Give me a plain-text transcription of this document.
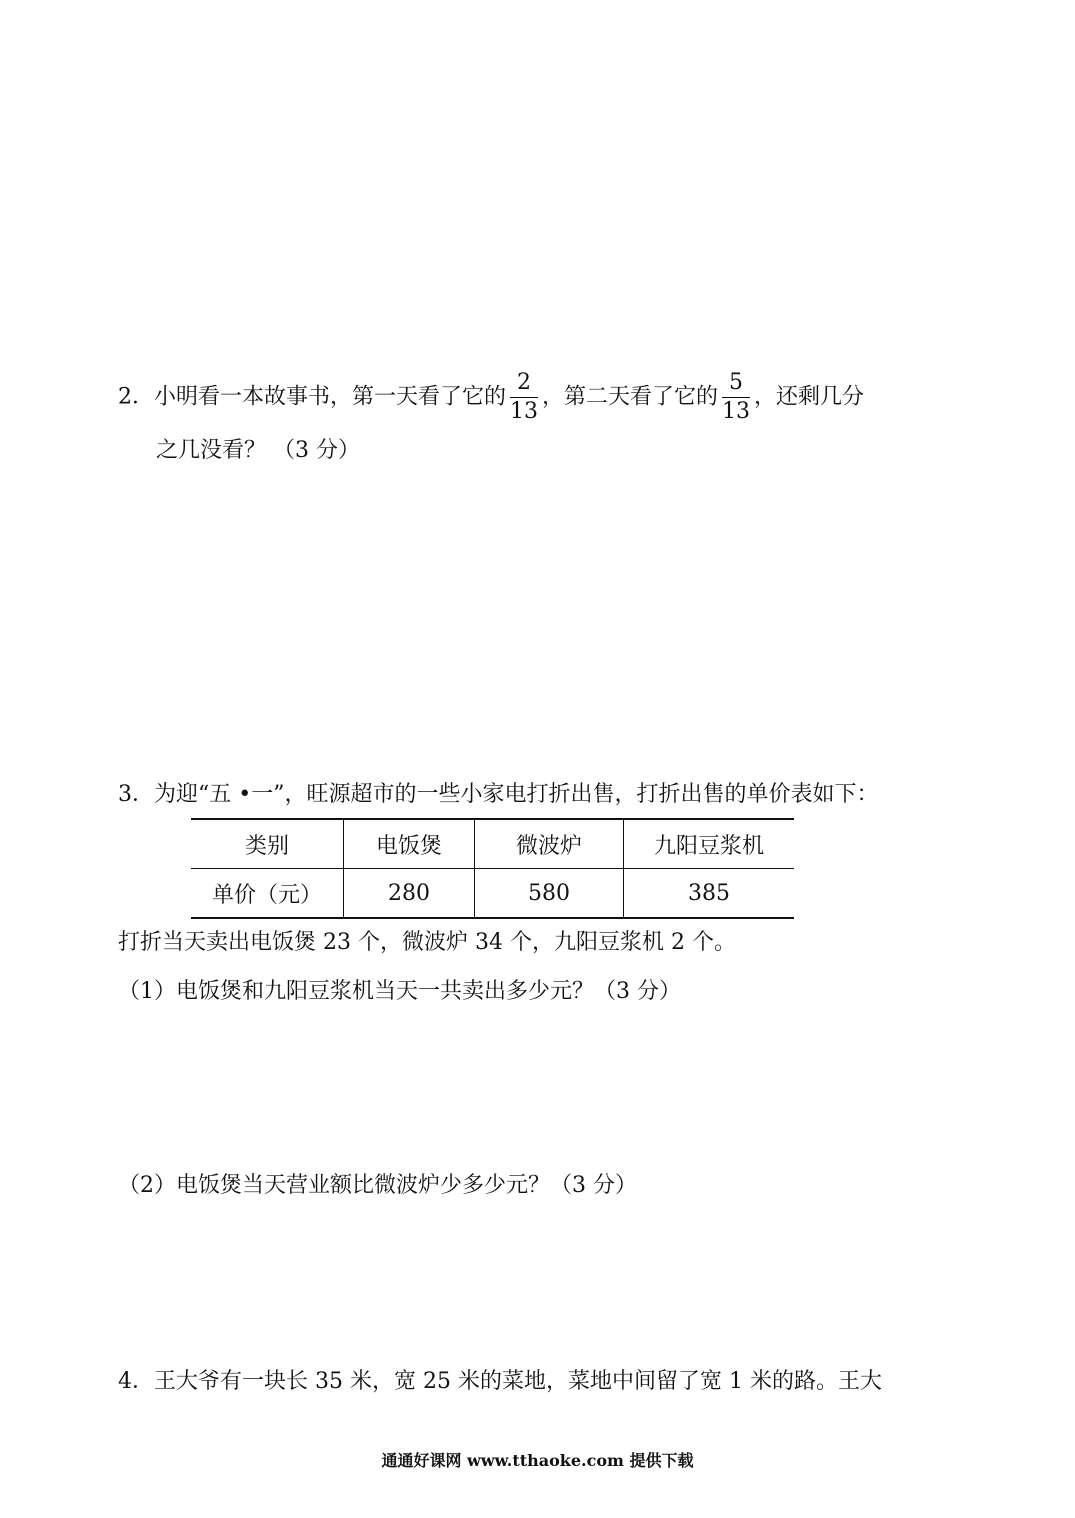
2．小明看一本故事书，第一天看了它的 $\frac{2}{13}$ ，第二天看了它的 $\frac{5}{13}$ ，还剩几分
之几没看？ （3 分）
3．为迎“五 •一”，旺源超市的一些小家电打折出售，打折出售的单价表如下：
类别	电饭煲	微波炉	九阳豆浆机
单价（元）	280	580	385
打折当天卖出电饭煲 23 个，微波炉 34 个，九阳豆浆机 2 个。
（1）电饭煲和九阳豆浆机当天一共卖出多少元？（3 分）
（2）电饭煲当天营业额比微波炉少多少元？（3 分）
4．王大爷有一块长 35 米，宽 25 米的菜地，菜地中间留了宽 1 米的路。王大
通通好课网 www.tthaoke.com 提供下载
